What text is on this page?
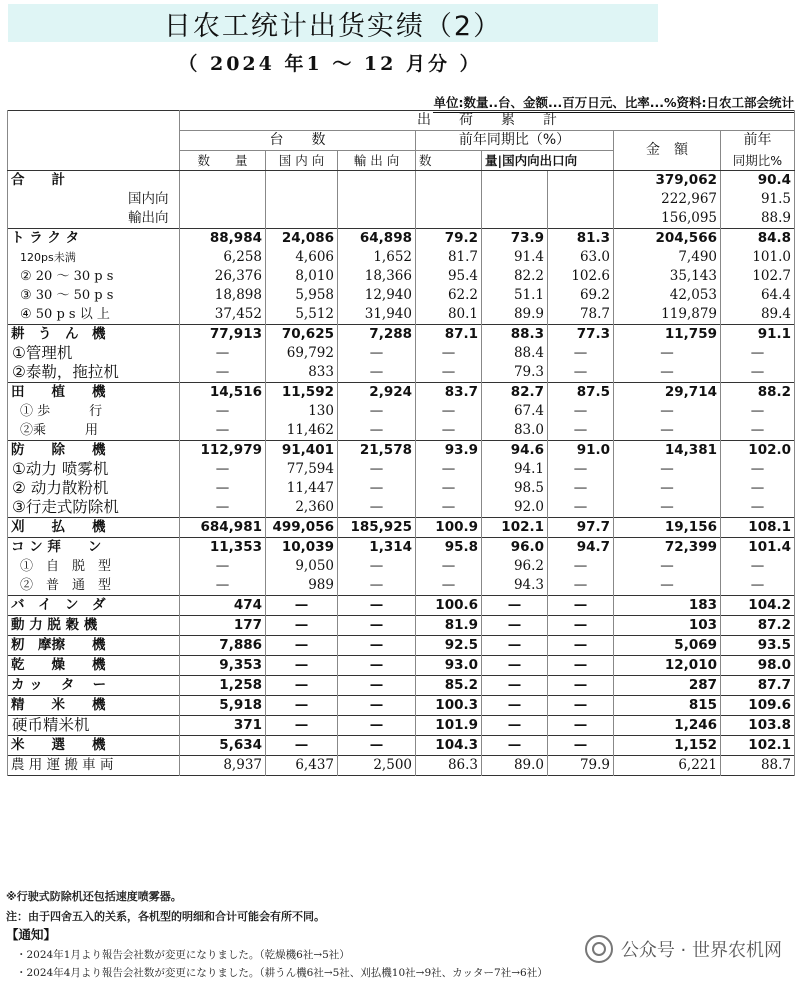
日农工统计出货实绩（2）
（ 2024 年1 ～ 12 月分 ）
单位:数量..台、金额...百万日元、比率...%资料:日农工部会统计
	出　　荷　　累　　計							
	台　　数			前年同期比（%）			金　額	前年
	数　　量	国 内 向	輸 出 向	数	量|国内向出口向			同期比%
合　　計							379,062	90.4
国内向							222,967	91.5
輸出向							156,095	88.9
ト ラ ク タ	88,984	24,086	64,898	79.2	73.9	81.3	204,566	84.8
120ps未满	6,258	4,606	1,652	81.7	91.4	63.0	7,490	101.0
② 20 ～ 30 p s	26,376	8,010	18,366	95.4	82.2	102.6	35,143	102.7
③ 30 ～ 50 p s	18,898	5,958	12,940	62.2	51.1	69.2	42,053	64.4
④ 50 p s 以 上	37,452	5,512	31,940	80.1	89.9	78.7	119,879	89.4
耕　う　ん　機	77,913	70,625	7,288	87.1	88.3	77.3	11,759	91.1
①管理机	—	69,792	—	—	88.4	—	—	—
②泰勒，拖拉机	—	833	—	—	79.3	—	—	—
田　　植　　機	14,516	11,592	2,924	83.7	82.7	87.5	29,714	88.2
① 歩　　　行	—	130	—	—	67.4	—	—	—
②乘　　　用	—	11,462	—	—	83.0	—	—	—
防　　除　　機	112,979	91,401	21,578	93.9	94.6	91.0	14,381	102.0
①动力 喷雾机	—	77,594	—	—	94.1	—	—	—
② 动力散粉机	—	11,447	—	—	98.5	—	—	—
③行走式防除机	—	2,360	—	—	92.0	—	—	—
刈　　払　　機	684,981	499,056	185,925	100.9	102.1	97.7	19,156	108.1
コ ン 拜　　ン	11,353	10,039	1,314	95.8	96.0	94.7	72,399	101.4
①　自　脱　型	—	9,050	—	—	96.2	—	—	—
②　普　通　型	—	989	—	—	94.3	—	—	—
バ　イ　ン　ダ	474	—	—	100.6	—	—	183	104.2
動 力 脱 穀 機	177	—	—	81.9	—	—	103	87.2
籾　摩擦　　機	7,886	—	—	92.5	—	—	5,069	93.5
乾　　燥　　機	9,353	—	—	93.0	—	—	12,010	98.0
カ ッ 　タ 　ー	1,258	—	—	85.2	—	—	287	87.7
精　　米　　機	5,918	—	—	100.3	—	—	815	109.6
硬币精米机	371	—	—	101.9	—	—	1,246	103.8
米　　選　　機	5,634	—	—	104.3	—	—	1,152	102.1
農 用 運 搬 車 両	8,937	6,437	2,500	86.3	89.0	79.9	6,221	88.7
※行驶式防除机还包括速度喷雾器。
注：由于四舍五入的关系，各机型的明细和合计可能会有所不同。
【通知】
・2024年1月より報告会社数が変更になりました。（乾燥機6社→5社）
・2024年4月より報告会社数が変更になりました。（耕うん機6社→5社、刈払機10社→9社、カッター7社→6社）
公众号 · 世界农机网
